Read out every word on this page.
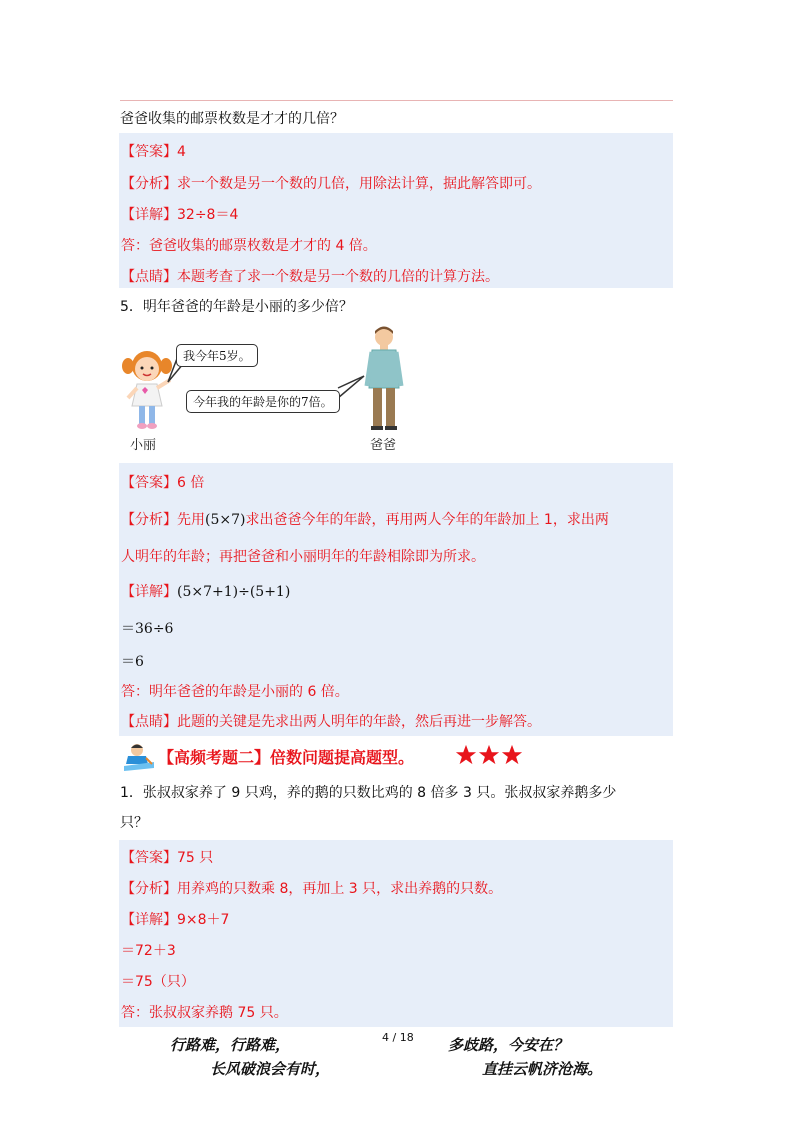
爸爸收集的邮票枚数是才才的几倍？
【答案】4
【分析】求一个数是另一个数的几倍，用除法计算，据此解答即可。
【详解】32÷8＝4
答：爸爸收集的邮票枚数是才才的 4 倍。
【点睛】本题考查了求一个数是另一个数的几倍的计算方法。
5．明年爸爸的年龄是小丽的多少倍？
小丽
我今年5岁。
今年我的年龄是你的7倍。
爸爸
【答案】6 倍
【分析】先用(5×7)求出爸爸今年的年龄，再用两人今年的年龄加上 1，求出两
人明年的年龄；再把爸爸和小丽明年的年龄相除即为所求。
【详解】(5×7+1)÷(5+1)
＝36÷6
＝6
答：明年爸爸的年龄是小丽的 6 倍。
【点睛】此题的关键是先求出两人明年的年龄，然后再进一步解答。
【高频考题二】倍数问题提高题型。
1．张叔叔家养了 9 只鸡，养的鹅的只数比鸡的 8 倍多 3 只。张叔叔家养鹅多少
只？
【答案】75 只
【分析】用养鸡的只数乘 8，再加上 3 只，求出养鹅的只数。
【详解】9×8＋7
＝72＋3
＝75（只）
答：张叔叔家养鹅 75 只。
行路难，行路难，	4 / 18 多歧路，今安在？
长风破浪会有时，	直挂云帆济沧海。
